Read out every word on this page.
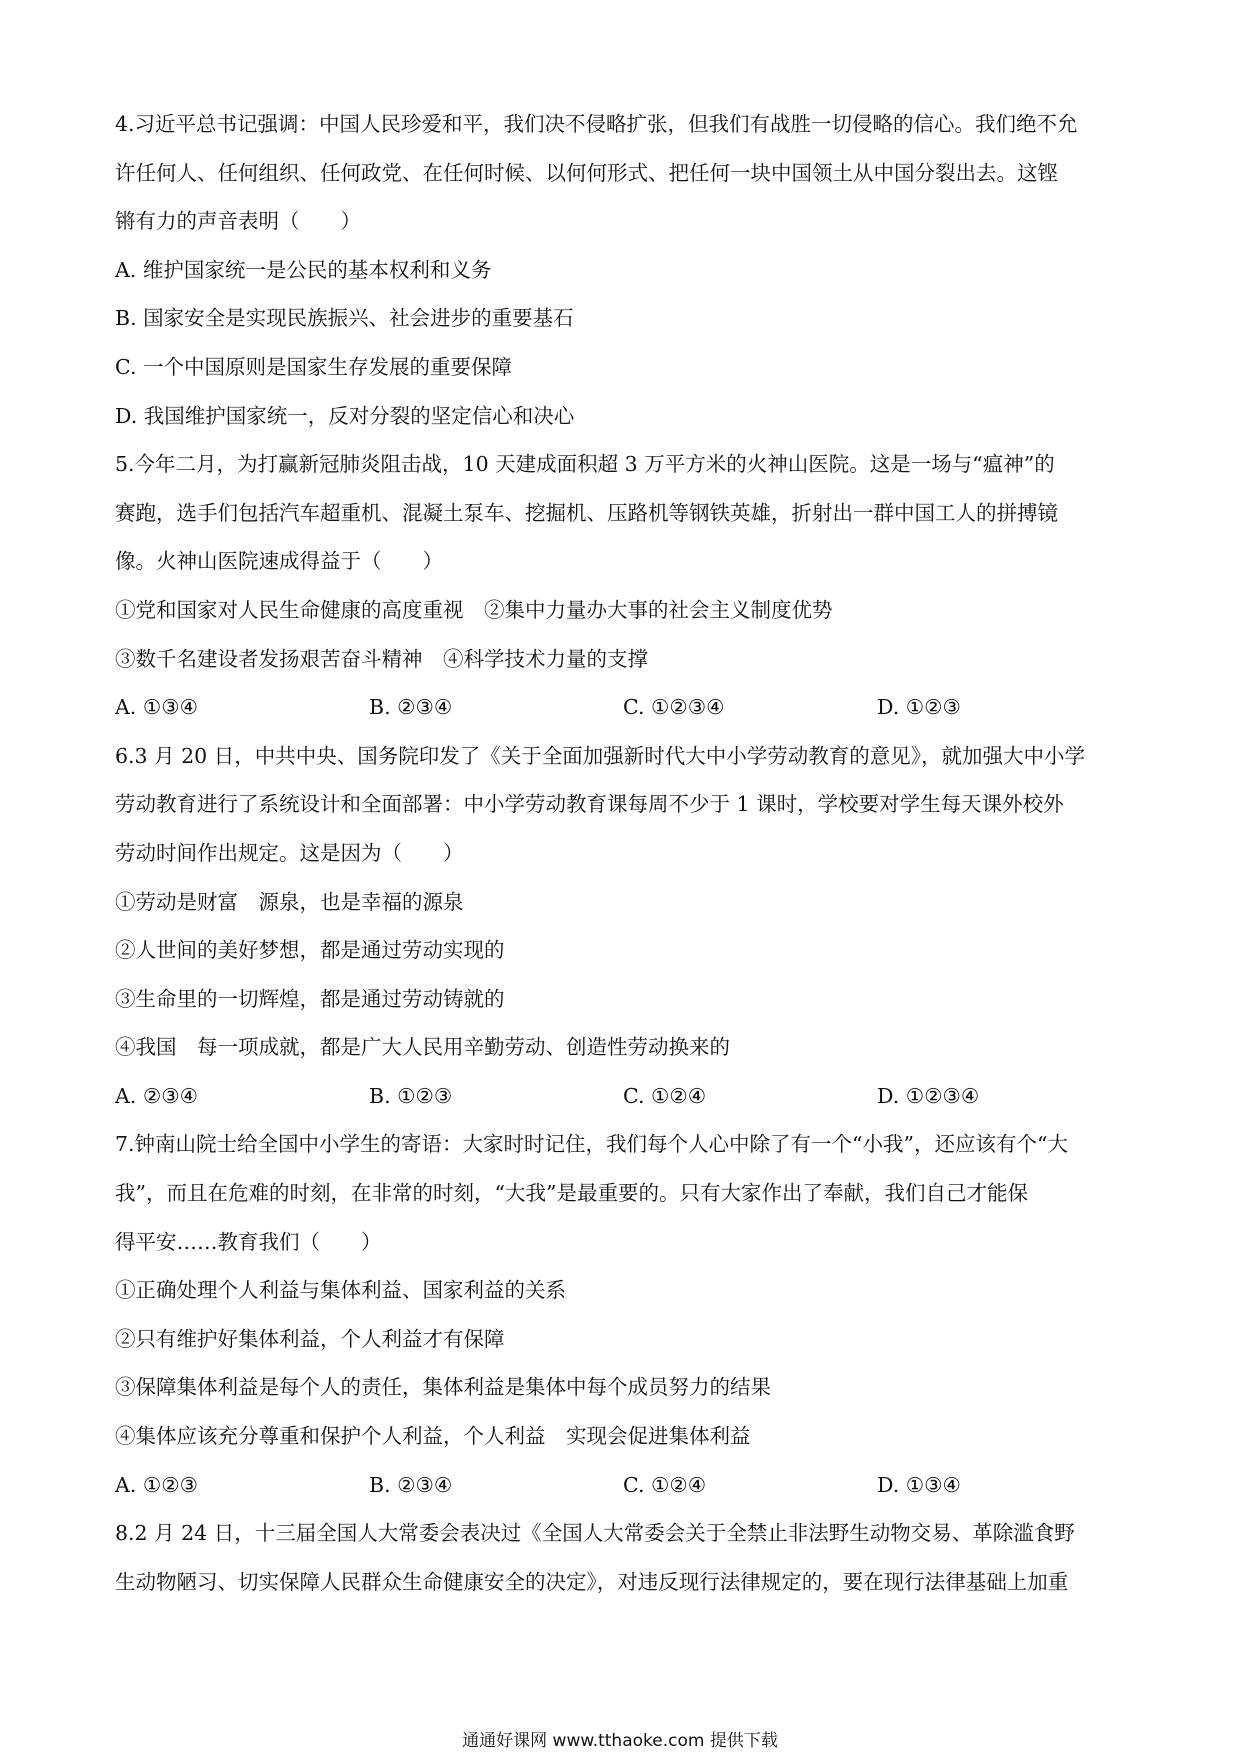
4.习近平总书记强调：中国人民珍爱和平，我们决不侵略扩张，但我们有战胜一切侵略的信心。我们绝不允
许任何人、任何组织、任何政党、在任何时候、以何何形式、把任何一块中国领土从中国分裂出去。这铿
锵有力的声音表明（　　）
A. 维护国家统一是公民的基本权利和义务
B. 国家安全是实现民族振兴、社会进步的重要基石
C. 一个中国原则是国家生存发展的重要保障
D. 我国维护国家统一，反对分裂的坚定信心和决心
5.今年二月，为打赢新冠肺炎阻击战，10 天建成面积超 3 万平方米的火神山医院。这是一场与“瘟神”的
赛跑，选手们包括汽车超重机、混凝土泵车、挖掘机、压路机等钢铁英雄，折射出一群中国工人的拼搏镜
像。火神山医院速成得益于（　　）
①党和国家对人民生命健康的高度重视　②集中力量办大事的社会主义制度优势
③数千名建设者发扬艰苦奋斗精神　④科学技术力量的支撑
A. ①③④	B. ②③④	C. ①②③④	D. ①②③
6.3 月 20 日，中共中央、国务院印发了《关于全面加强新时代大中小学劳动教育的意见》，就加强大中小学
劳动教育进行了系统设计和全面部署：中小学劳动教育课每周不少于 1 课时，学校要对学生每天课外校外
劳动时间作出规定。这是因为（　　）
①劳动是财富　源泉，也是幸福的源泉
②人世间的美好梦想，都是通过劳动实现的
③生命里的一切辉煌，都是通过劳动铸就的
④我国　每一项成就，都是广大人民用辛勤劳动、创造性劳动换来的
A. ②③④	B. ①②③	C. ①②④	D. ①②③④
7.钟南山院士给全国中小学生的寄语：大家时时记住，我们每个人心中除了有一个“小我”，还应该有个“大
我”，而且在危难的时刻，在非常的时刻，“大我”是最重要的。只有大家作出了奉献，我们自己才能保
得平安……教育我们（　　）
①正确处理个人利益与集体利益、国家利益的关系
②只有维护好集体利益，个人利益才有保障
③保障集体利益是每个人的责任，集体利益是集体中每个成员努力的结果
④集体应该充分尊重和保护个人利益，个人利益　实现会促进集体利益
A. ①②③	B. ②③④	C. ①②④	D. ①③④
8.2 月 24 日，十三届全国人大常委会表决过《全国人大常委会关于全禁止非法野生动物交易、革除滥食野
生动物陋习、切实保障人民群众生命健康安全的决定》，对违反现行法律规定的，要在现行法律基础上加重
通通好课网 www.tthaoke.com 提供下载
